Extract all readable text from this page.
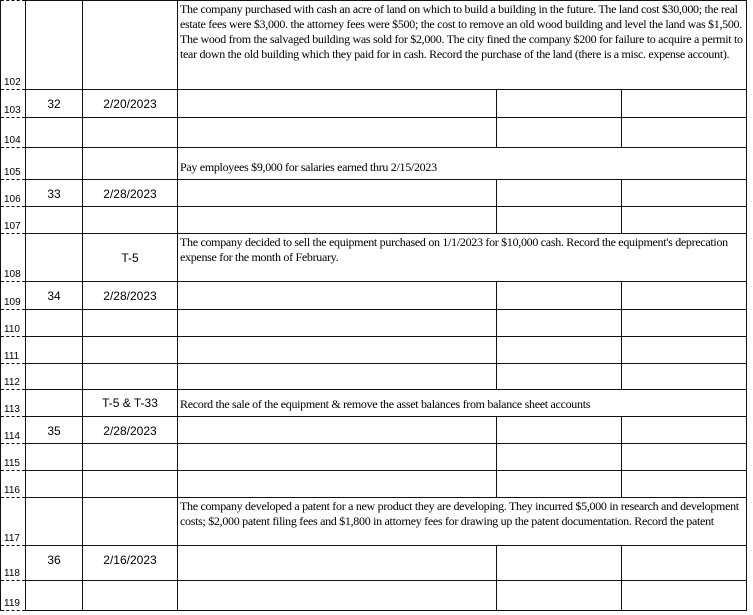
102			The company purchased with cash an acre of land on which to build a building in the future. The land cost $30,000; the real estate fees were $3,000. the attorney fees were $500; the cost to remove an old wood building and level the land was $1,500. The wood from the salvaged building was sold for $2,000. The city fined the company $200 for failure to acquire a permit to tear down the old building which they paid for in cash. Record the purchase of the land (there is a misc. expense account).		
103	32	2/20/2023			
104					
105			Pay employees $9,000 for salaries earned thru 2/15/2023		
106	33	2/28/2023			
107					
108		T-5	The company decided to sell the equipment purchased on 1/1/2023 for $10,000 cash. Record the equipment's deprecation expense for the month of February.		
109	34	2/28/2023			
110					
111					
112					
113		T-5 & T-33	Record the sale of the equipment & remove the asset balances from balance sheet accounts		
114	35	2/28/2023			
115					
116					
117			The company developed a patent for a new product they are developing. They incurred $5,000 in research and development costs; $2,000 patent filing fees and $1,800 in attorney fees for drawing up the patent documentation. Record the patent		
118	36	2/16/2023			
119					
